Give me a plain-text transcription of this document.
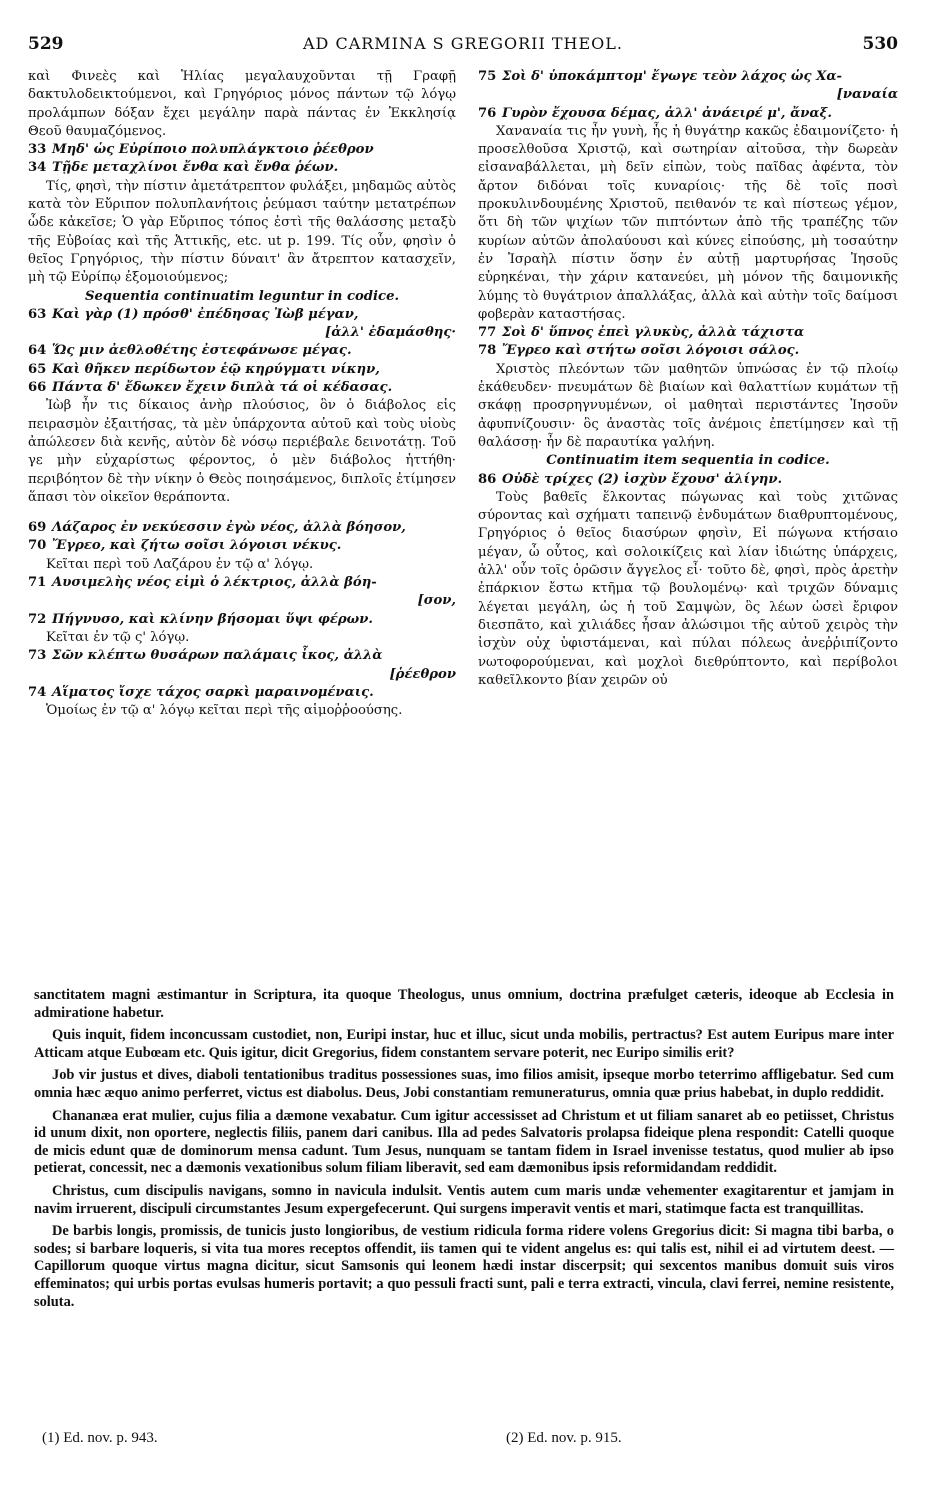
529	AD CARMINA S GREGORII THEOL.	530

καὶ Φινεὲς καὶ Ἡλίας μεγαλαυχοῦνται τῇ Γραφῇ δακτυλοδεικτούμενοι, καὶ Γρηγόριος μόνος πάντων τῷ λόγῳ προλάμπων δόξαν ἔχει μεγάλην παρὰ πάντας ἐν Ἐκκλησίᾳ Θεοῦ θαυμαζόμενος.

33 Μηδ' ὡς Εὐρίποιο πολυπλάγκτοιο ῥέεθρον
34 Τῇδε μεταχλίνοι ἔνθα καὶ ἔνθα ῥέων.

Τίς, φησὶ, τὴν πίστιν ἀμετάτρεπτον φυλάξει, μηδαμῶς αὐτὸς κατὰ τὸν Εὔριπον πολυπλανήτοις ῥεύμασι ταύτην μετατρέπων ὧδε κἀκεῖσε; Ὁ γὰρ Εὔριπος τόπος ἐστὶ τῆς θαλάσσης μεταξὺ τῆς Εὐβοίας καὶ τῆς Ἀττικῆς, etc. ut p. 199. Τίς οὖν, φησὶν ὁ θεῖος Γρηγόριος, τὴν πίστιν δύναιτ' ἂν ἄτρεπτον κατασχεῖν, μὴ τῷ Εὐρίπῳ ἐξομοιούμενος;

Sequentia continuatim leguntur in codice.

63 Καὶ γὰρ (1) πρόσθ' ἐπέδησας Ἰὼβ μέγαν,
[ἀλλ' ἐδαμάσθης·
64 Ὥς μιν ἀεθλοθέτης ἐστεφάνωσε μέγας.
65 Καὶ θῆκεν περίδωτον ἑῷ κηρύγματι νίκην,
66 Πάντα δ' ἔδωκεν ἔχειν διπλὰ τά οἱ κέδασας.

Ἰὼβ ἦν τις δίκαιος ἀνὴρ πλούσιος, ὃν ὁ διάβολος εἰς πειρασμὸν ἐξαιτήσας, τὰ μὲν ὑπάρχοντα αὐτοῦ καὶ τοὺς υἱοὺς ἀπώλεσεν διὰ κενῆς, αὐτὸν δὲ νόσῳ περιέβαλε δεινοτάτῃ. Τοῦ γε μὴν εὐχαρίστως φέροντος, ὁ μὲν διάβολος ἡττήθη· περιβόητον δὲ τὴν νίκην ὁ Θεὸς ποιησάμενος, διπλοῖς ἐτίμησεν ἅπασι τὸν οἰκεῖον θεράποντα.

69 Λάζαρος ἐν νεκύεσσιν ἐγὼ νέος, ἀλλὰ βόησον,
70 Ἔγρεο, καὶ ζήτω σοῖσι λόγοισι νέκυς.

Κεῖται περὶ τοῦ Λαζάρου ἐν τῷ α' λόγῳ.

71 Αυσιμελὴς νέος εἰμὶ ὁ λέκτριος, ἀλλὰ βόη-
[σον,
72 Πήγνυσο, καὶ κλίνην βήσομαι ὕψι φέρων.

Κεῖται ἐν τῷ ς' λόγῳ.

73 Σῶν κλέπτω θυσάρων παλάμαις ἶκος, ἀλλὰ
[ῥέεθρον
74 Αἵματος ἴσχε τάχος σαρκὶ μαραινομέναις.

Ὁμοίως ἐν τῷ α' λόγῳ κεῖται περὶ τῆς αἱμοῤῥοούσης.

75 Σοὶ δ' ὑποκάμπτομ' ἔγωγε τεὸν λάχος ὡς Χα-
[ναναία
76 Γυρὸν ἔχουσα δέμας, ἀλλ' ἀνάειρέ μ', ἄναξ.

Χαναναία τις ἦν γυνὴ, ἧς ἡ θυγάτηρ κακῶς ἐδαιμονίζετο· ἡ προσελθοῦσα Χριστῷ, καὶ σωτηρίαν αἰτοῦσα, τὴν δωρεὰν εἰσαναβάλλεται, μὴ δεῖν εἰπὼν, τοὺς παῖδας ἀφέντα, τὸν ἄρτον διδόναι τοῖς κυναρίοις· τῆς δὲ τοῖς ποσὶ προκυλινδουμένης Χριστοῦ, πειθανόν τε καὶ πίστεως γέμον, ὅτι δὴ τῶν ψιχίων τῶν πιπτόντων ἀπὸ τῆς τραπέζης τῶν κυρίων αὐτῶν ἀπολαύουσι καὶ κύνες εἰπούσης, μὴ τοσαύτην ἐν Ἰσραὴλ πίστιν ὅσην ἐν αὐτῇ μαρτυρήσας Ἰησοῦς εὑρηκέναι, τὴν χάριν κατανεύει, μὴ μόνον τῆς δαιμονικῆς λύμης τὸ θυγάτριον ἀπαλλάξας, ἀλλὰ καὶ αὐτὴν τοῖς δαίμοσι φοβερὰν καταστήσας.

77 Σοὶ δ' ὕπνος ἐπεὶ γλυκὺς, ἀλλὰ τάχιστα
78 Ἔγρεο καὶ στήτω σοῖσι λόγοισι σάλος.

Χριστὸς πλεόντων τῶν μαθητῶν ὑπνώσας ἐν τῷ πλοίῳ ἐκάθευδεν· πνευμάτων δὲ βιαίων καὶ θαλαττίων κυμάτων τῇ σκάφῃ προσρηγνυμένων, οἱ μαθηταὶ περιστάντες Ἰησοῦν ἀφυπνίζουσιν· ὃς ἀναστὰς τοῖς ἀνέμοις ἐπετίμησεν καὶ τῇ θαλάσσῃ· ἦν δὲ παραυτίκα γαλήνη.

Continuatim item sequentia in codice.

86 Οὐδὲ τρίχες (2) ἰσχὺν ἔχουσ' ἀλίγην.

Τοὺς βαθεῖς ἕλκοντας πώγωνας καὶ τοὺς χιτῶνας σύροντας καὶ σχήματι ταπεινῷ ἐνδυμάτων διαθρυπτομένους, Γρηγόριος ὁ θεῖος διασύρων φησὶν, Εἰ πώγωνα κτήσαιο μέγαν, ὦ οὗτος, καὶ σολοικίζεις καὶ λίαν ἰδιώτης ὑπάρχεις, ἀλλ' οὖν τοῖς ὁρῶσιν ἄγγελος εἶ· τοῦτο δὲ, φησὶ, πρὸς ἀρετὴν ἐπάρκιον ἔστω κτῆμα τῷ βουλομένῳ· καὶ τριχῶν δύναμις λέγεται μεγάλη, ὡς ἡ τοῦ Σαμψὼν, ὃς λέων ὡσεὶ ἔριφον διεσπᾶτο, καὶ χιλιάδες ἦσαν ἀλώσιμοι τῆς αὐτοῦ χειρὸς τὴν ἰσχὺν οὐχ ὑφιστάμεναι, καὶ πύλαι πόλεως ἀνεῤῥιπίζοντο νωτοφορούμεναι, καὶ μοχλοὶ διεθρύπτοντο, καὶ περίβολοι καθεῖλκοντο βίαν χειρῶν οὐ

sanctitatem magni æstimantur in Scriptura, ita quoque Theologus, unus omnium, doctrina præfulget cæteris, ideoque ab Ecclesia in admiratione habetur.

Quis inquit, fidem inconcussam custodiet, non, Euripi instar, huc et illuc, sicut unda mobilis, pertractus? Est autem Euripus mare inter Atticam atque Eubœam etc. Quis igitur, dicit Gregorius, fidem constantem servare poterit, nec Euripo similis erit?

Job vir justus et dives, diaboli tentationibus traditus possessiones suas, imo filios amisit, ipseque morbo teterrimo affligebatur. Sed cum omnia hæc æquo animo perferret, victus est diabolus. Deus, Jobi constantiam remuneraturus, omnia quæ prius habebat, in duplo reddidit.

Chananæa erat mulier, cujus filia a dæmone vexabatur. Cum igitur accessisset ad Christum et ut filiam sanaret ab eo petiisset, Christus id unum dixit, non oportere, neglectis filiis, panem dari canibus. Illa ad pedes Salvatoris prolapsa fideique plena respondit: Catelli quoque de micis edunt quæ de dominorum mensa cadunt. Tum Jesus, nunquam se tantam fidem in Israel invenisse testatus, quod mulier ab ipso petierat, concessit, nec a dæmonis vexationibus solum filiam liberavit, sed eam dæmonibus ipsis reformidandam reddidit.

Christus, cum discipulis navigans, somno in navicula indulsit. Ventis autem cum maris undæ vehementer exagitarentur et jamjam in navim irruerent, discipuli circumstantes Jesum expergefecerunt. Qui surgens imperavit ventis et mari, statimque facta est tranquillitas.

De barbis longis, promissis, de tunicis justo longioribus, de vestium ridicula forma ridere volens Gregorius dicit: Si magna tibi barba, o sodes; si barbare loqueris, si vita tua mores receptos offendit, iis tamen qui te vident angelus es: qui talis est, nihil ei ad virtutem deest. — Capillorum quoque virtus magna dicitur, sicut Samsonis qui leonem hædi instar discerpsit; qui sexcentos manibus domuit suis viros effeminatos; qui urbis portas evulsas humeris portavit; a quo pessuli fracti sunt, pali e terra extracti, vincula, clavi ferrei, nemine resistente, soluta.

(1) Ed. nov. p. 943.	(2) Ed. nov. p. 915.
